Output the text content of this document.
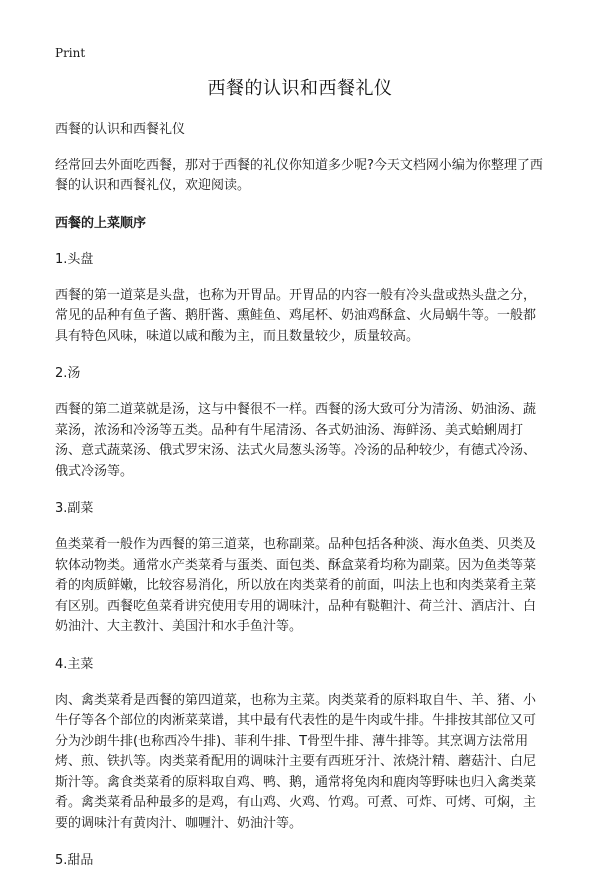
Print
西餐的认识和西餐礼仪

西餐的认识和西餐礼仪

经常回去外面吃西餐，那对于西餐的礼仪你知道多少呢?今天文档网小编为你整理了西餐的认识和西餐礼仪，欢迎阅读。

西餐的上菜顺序
1.头盘

西餐的第一道菜是头盘，也称为开胃品。开胃品的内容一般有冷头盘或热头盘之分，常见的品种有鱼子酱、鹅肝酱、熏鲑鱼、鸡尾杯、奶油鸡酥盒、火局蜗牛等。一般都具有特色风味，味道以咸和酸为主，而且数量较少，质量较高。

2.汤

西餐的第二道菜就是汤，这与中餐很不一样。西餐的汤大致可分为清汤、奶油汤、蔬菜汤，浓汤和冷汤等五类。品种有牛尾清汤、各式奶油汤、海鲜汤、美式蛤蜊周打汤、意式蔬菜汤、俄式罗宋汤、法式火局葱头汤等。冷汤的品种较少，有德式冷汤、俄式冷汤等。

3.副菜

鱼类菜肴一般作为西餐的第三道菜，也称副菜。品种包括各种淡、海水鱼类、贝类及软体动物类。通常水产类菜肴与蛋类、面包类、酥盒菜肴均称为副菜。因为鱼类等菜肴的肉质鲜嫩，比较容易消化，所以放在肉类菜肴的前面，叫法上也和肉类菜肴主菜有区别。西餐吃鱼菜肴讲究使用专用的调味汁，品种有鞑靼汁、荷兰汁、酒店汁、白奶油汁、大主教汁、美国汁和水手鱼汁等。

4.主菜

肉、禽类菜肴是西餐的第四道菜，也称为主菜。肉类菜肴的原料取自牛、羊、猪、小牛仔等各个部位的肉淅菜菜谱，其中最有代表性的是牛肉或牛排。牛排按其部位又可分为沙朗牛排(也称西冷牛排)、菲利牛排、T骨型牛排、薄牛排等。其烹调方法常用烤、煎、铁扒等。肉类菜肴配用的调味汁主要有西班牙汁、浓烧汁精、蘑菇汁、白尼斯汁等。禽食类菜肴的原料取自鸡、鸭、鹅，通常将兔肉和鹿肉等野味也归入禽类菜肴。禽类菜肴品种最多的是鸡，有山鸡、火鸡、竹鸡。可煮、可炸、可烤、可焖，主要的调味汁有黄肉汁、咖喱汁、奶油汁等。

5.甜品
